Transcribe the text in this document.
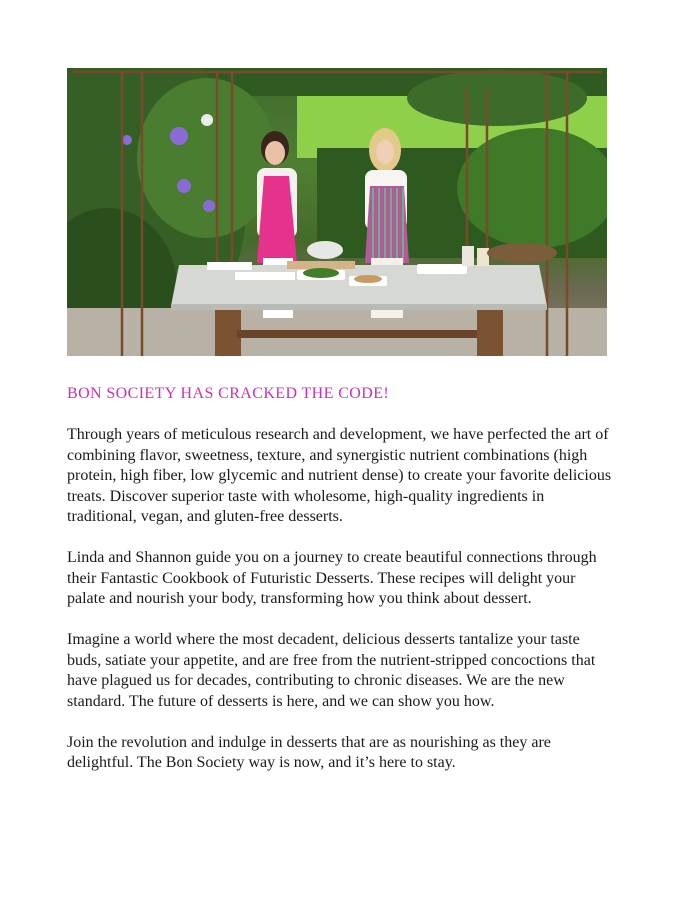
BON SOCIETY HAS CRACKED THE CODE!

Through years of meticulous research and development, we have perfected the art of combining flavor, sweetness, texture, and synergistic nutrient combinations (high protein, high fiber, low glycemic and nutrient dense) to create your favorite delicious treats. Discover superior taste with wholesome, high-quality ingredients in traditional, vegan, and gluten-free desserts.

Linda and Shannon guide you on a journey to create beautiful connections through their Fantastic Cookbook of Futuristic Desserts. These recipes will delight your palate and nourish your body, transforming how you think about dessert.

Imagine a world where the most decadent, delicious desserts tantalize your taste buds, satiate your appetite, and are free from the nutrient-stripped concoctions that have plagued us for decades, contributing to chronic diseases. We are the new standard. The future of desserts is here, and we can show you how.

Join the revolution and indulge in desserts that are as nourishing as they are delightful. The Bon Society way is now, and it’s here to stay.
